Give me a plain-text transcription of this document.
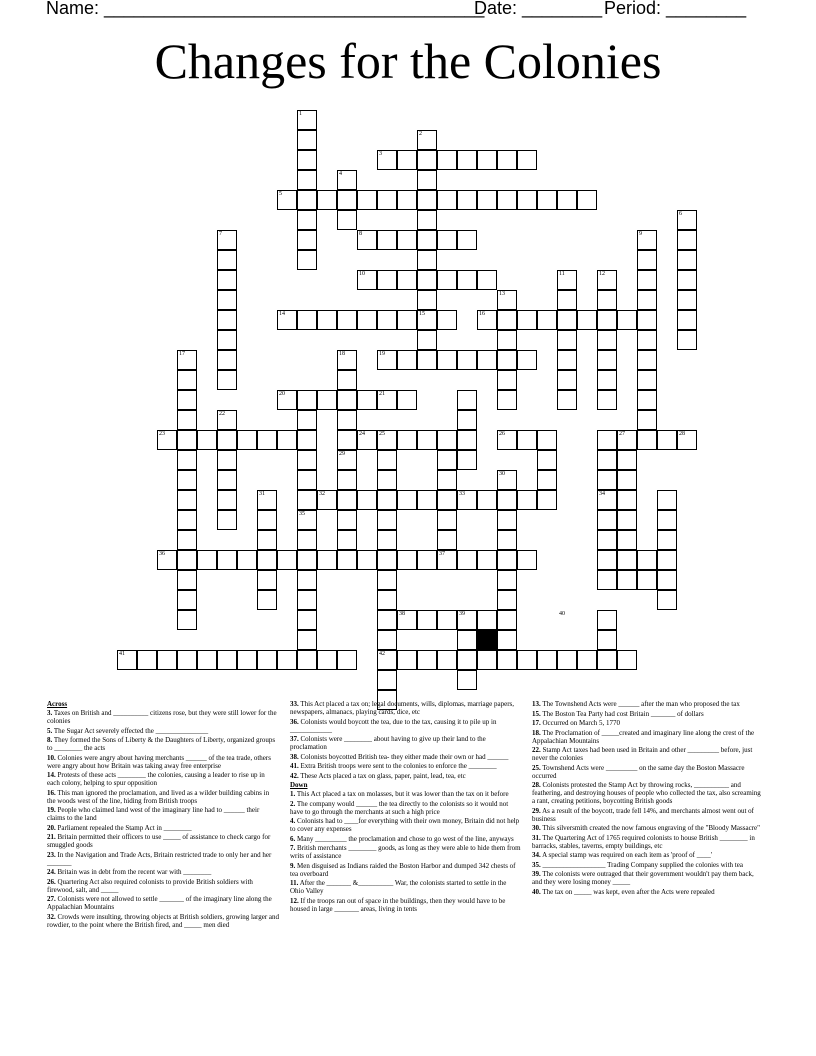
Name: ______________________________________
Date: ________ Period: ________
Changes for the Colonies
1
2
3
4
5
6
7	8	9
10	11	12
13
14	15	16
17	18	19
20	21
22
23	24 25	26	27	28
29
30
31	32	33	34
35
36	37
38	39	40
41	42
Across

3. Taxes on British and __________ citizens rose, but they were still lower for the colonies

5. The Sugar Act severely effected the _______________

8. They formed the Sons of Liberty & the Daughters of Liberty, organized groups to ________ the acts

10. Colonies were angry about having merchants ______ of the tea trade, others were angry about how Britain was taking away free enterprise

14. Protests of these acts ________ the colonies, causing a leader to rise up in each colony, helping to spur opposition

16. This man ignored the proclamation, and lived as a wilder building cabins in the woods west of the line, hiding from British troops

19. People who claimed land west of the imaginary line had to ______ their claims to the land

20. Parliament repealed the Stamp Act in ________

21. Britain permitted their officers to use _____ of assistance to check cargo for smuggled goods

23. In the Navigation and Trade Acts, Britain restricted trade to only her and her _______

24. Britain was in debt from the recent war with ________

26. Quartering Act also required colonists to provide British soldiers with firewood, salt, and _____

27. Colonists were not allowed to settle _______ of the imaginary line along the Appalachian Mountains

32. Crowds were insulting, throwing objects at British soldiers, growing larger and rowdier, to the point where the British fired, and _____ men died

33. This Act placed a tax on; legal documents, wills, diplomas, marriage papers, newspapers, almanacs, playing cards, dice, etc

36. Colonists would boycott the tea, due to the tax, causing it to pile up in ____________

37. Colonists were ________ about having to give up their land to the proclamation

38. Colonists boycotted British tea- they either made their own or had ______

41. Extra British troops were sent to the colonies to enforce the ________

42. These Acts placed a tax on glass, paper, paint, lead, tea, etc

Down

1. This Act placed a tax on molasses, but it was lower than the tax on it before

2. The company would ______ the tea directly to the colonists so it would not have to go through the merchants at such a high price

4. Colonists had to ____for everything with their own money, Britain did not help to cover any expenses

6. Many _________ the proclamation and chose to go west of the line, anyways

7. British merchants ________ goods, as long as they were able to hide them from writs of assistance

9. Men disguised as Indians raided the Boston Harbor and dumped 342 chests of tea overboard

11. After the _______ &__________ War, the colonists started to settle in the Ohio Valley

12. If the troops ran out of space in the buildings, then they would have to be housed in large _______ areas, living in tents

13. The Townshend Acts were ______ after the man who proposed the tax

15. The Boston Tea Party had cost Britain _______ of dollars

17. Occurred on March 5, 1770

18. The Proclamation of _____created and imaginary line along the crest of the Appalachian Mountains

22. Stamp Act taxes had been used in Britain and other _________ before, just never the colonies

25. Townshend Acts were _________ on the same day the Boston Massacre occurred

28. Colonists protested the Stamp Act by throwing rocks, __________ and feathering, and destroying houses of people who collected the tax, also screaming a rant, creating petitions, boycotting British goods

29. As a result of the boycott, trade fell 14%, and merchants almost went out of business

30. This silversmith created the now famous engraving of the "Bloody Massacre"

31. The Quartering Act of 1765 required colonists to house British ________ in barracks, stables, taverns, empty buildings, etc

34. A special stamp was required on each item as 'proof of ____'

35. __________________ Trading Company supplied the colonies with tea

39. The colonists were outraged that their government wouldn't pay them back, and they were losing money _____

40. The tax on _____ was kept, even after the Acts were repealed
